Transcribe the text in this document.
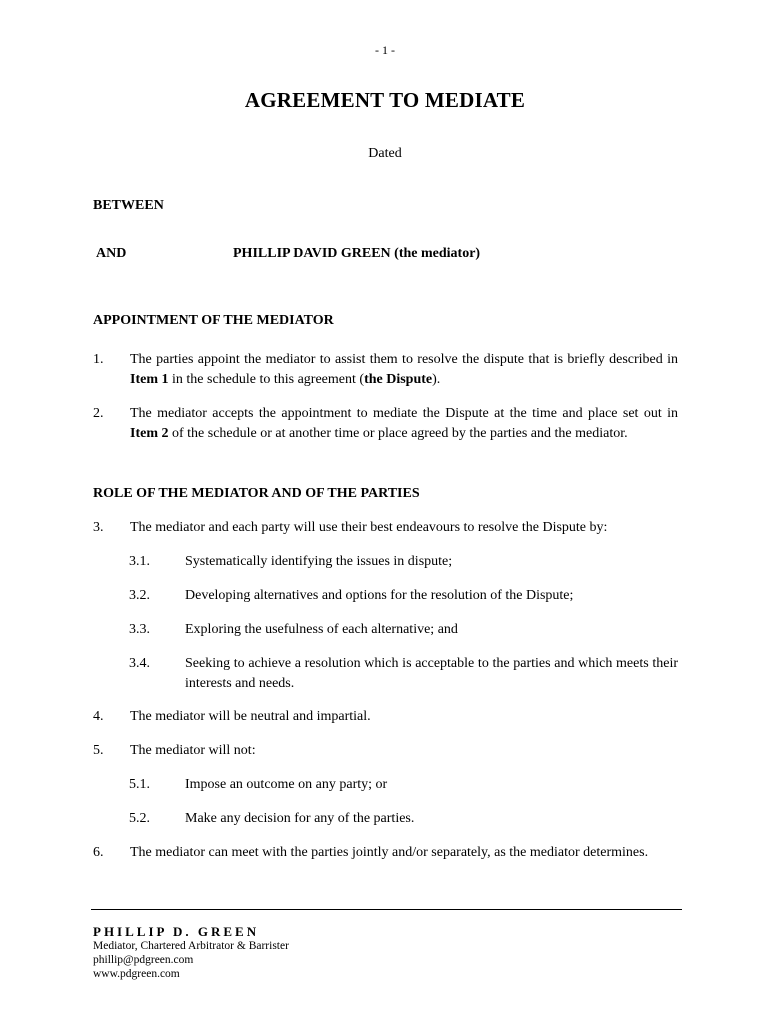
- 1 -
AGREEMENT TO MEDIATE
Dated
BETWEEN
AND	PHILLIP DAVID GREEN (the mediator)
APPOINTMENT OF THE MEDIATOR
1.	The parties appoint the mediator to assist them to resolve the dispute that is briefly described in Item 1 in the schedule to this agreement (the Dispute).
2.	The mediator accepts the appointment to mediate the Dispute at the time and place set out in Item 2 of the schedule or at another time or place agreed by the parties and the mediator.
ROLE OF THE MEDIATOR AND OF THE PARTIES
3.	The mediator and each party will use their best endeavours to resolve the Dispute by:
3.1.	Systematically identifying the issues in dispute;
3.2.	Developing alternatives and options for the resolution of the Dispute;
3.3.	Exploring the usefulness of each alternative; and
3.4.	Seeking to achieve a resolution which is acceptable to the parties and which meets their interests and needs.
4.	The mediator will be neutral and impartial.
5.	The mediator will not:
5.1.	Impose an outcome on any party; or
5.2.	Make any decision for any of the parties.
6.	The mediator can meet with the parties jointly and/or separately, as the mediator determines.
PHILLIP D. GREEN
Mediator, Chartered Arbitrator & Barrister
phillip@pdgreen.com
www.pdgreen.com
